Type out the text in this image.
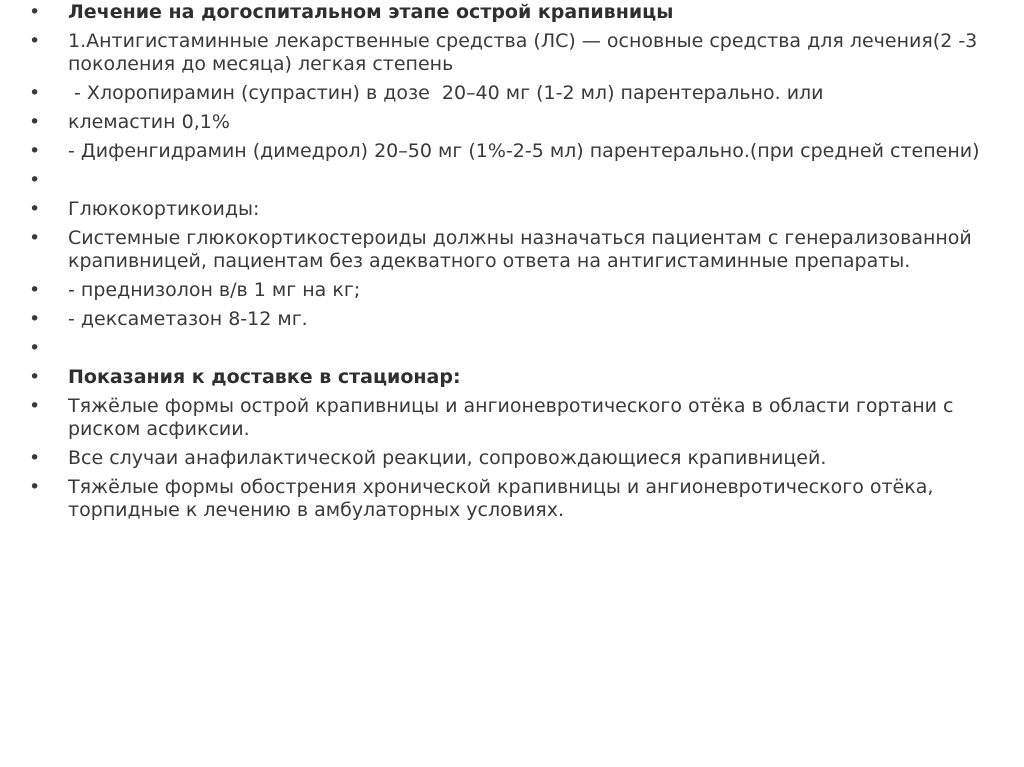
•	Лечение на догоспитальном этапе острой крапивницы
•	1.Антигистаминные лекарственные средства (ЛС) — основные средства для лечения(2 -3 поколения до месяца) легкая степень
•	- Хлоропирамин (супрастин) в дозе  20–40 мг (1-2 мл) парентерально. или
•	клемастин 0,1%
•	- Дифенгидрамин (димедрол) 20–50 мг (1%-2-5 мл) парентерально.(при средней степени)
•
•	Глюкокортикоиды:
•	Системные глюкокортикостероиды должны назначаться пациентам с генерализованной крапивницей, пациентам без адекватного ответа на антигистаминные препараты.
•	- преднизолон в/в 1 мг на кг;
•	- дексаметазон 8-12 мг.
•
•	Показания к доставке в стационар:
•	Тяжёлые формы острой крапивницы и ангионевротического отёка в области гортани с риском асфиксии.
•	Все случаи анафилактической реакции, сопровождающиеся крапивницей.
•	Тяжёлые формы обострения хронической крапивницы и ангионевротического отёка, торпидные к лечению в амбулаторных условиях.
